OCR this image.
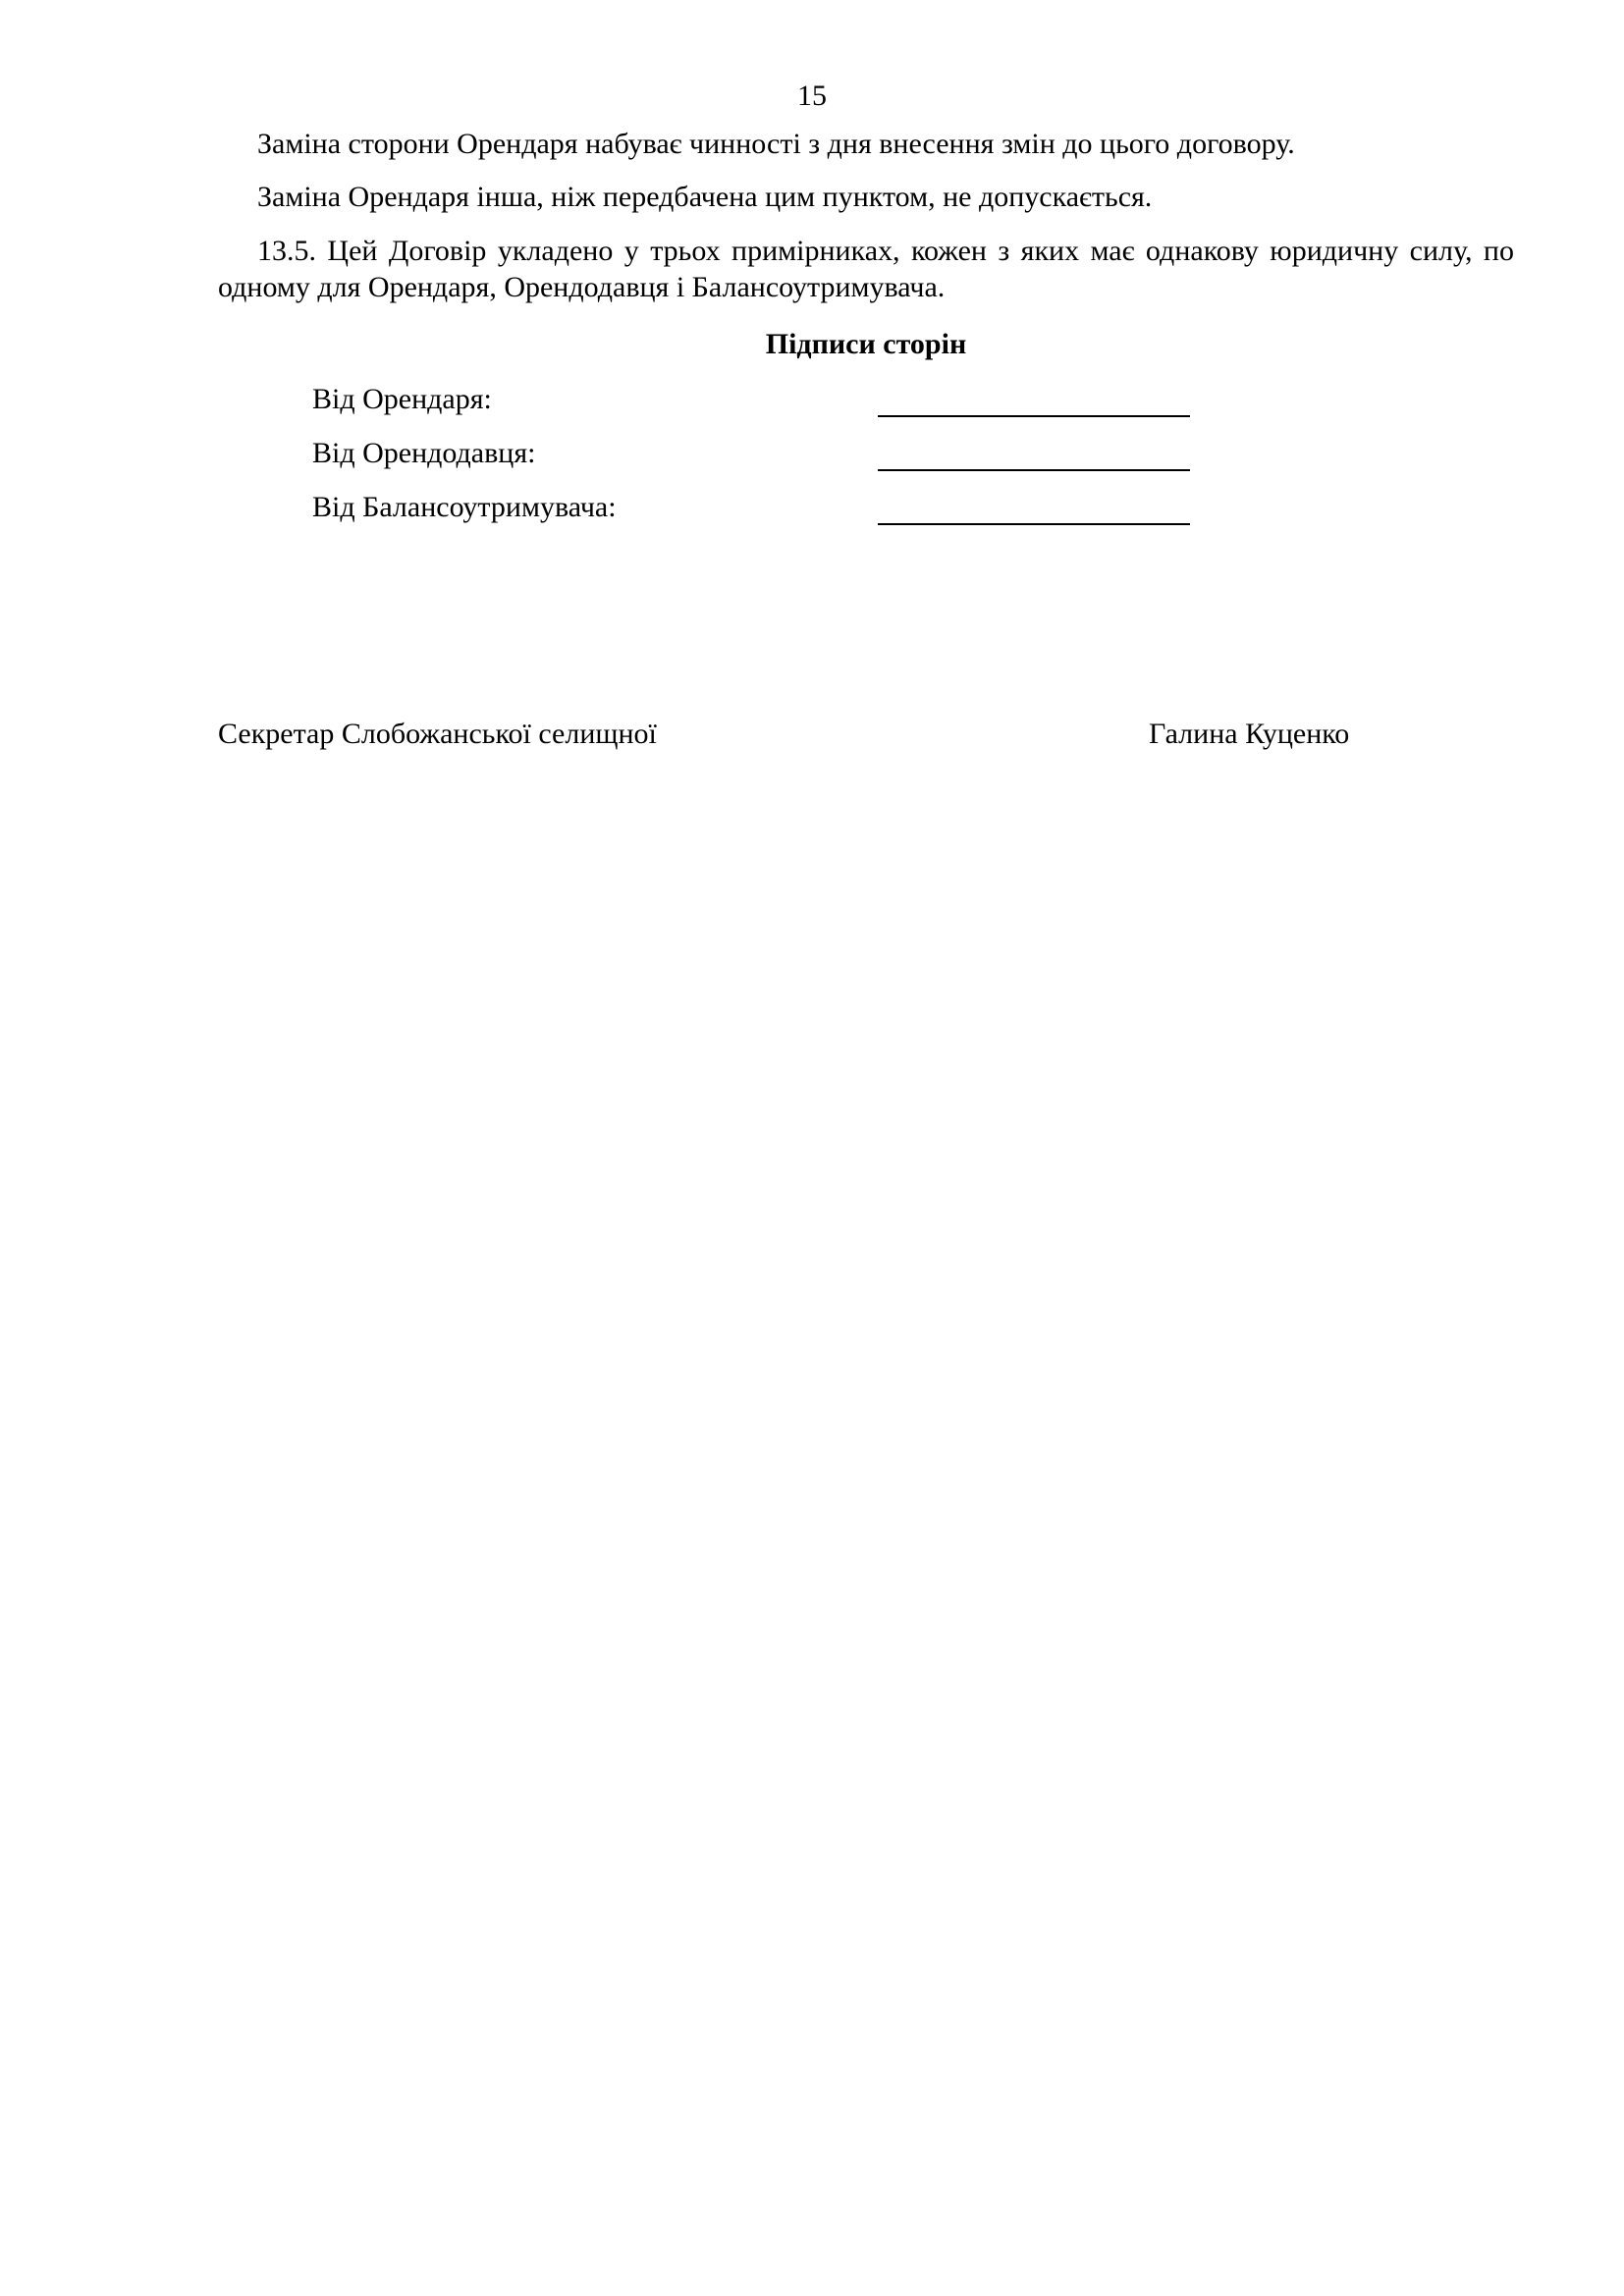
15
Заміна сторони Орендаря набуває чинності з дня внесення змін до цього договору.
Заміна Орендаря інша, ніж передбачена цим пунктом, не допускається.
13.5. Цей Договір укладено у трьох примірниках, кожен з яких має однакову юридичну силу, по одному для Орендаря, Орендодавця і Балансоутримувача.
Підписи сторін
Від Орендаря:
Від Орендодавця:
Від Балансоутримувача:
Секретар Слобожанської селищної	Галина Куценко
